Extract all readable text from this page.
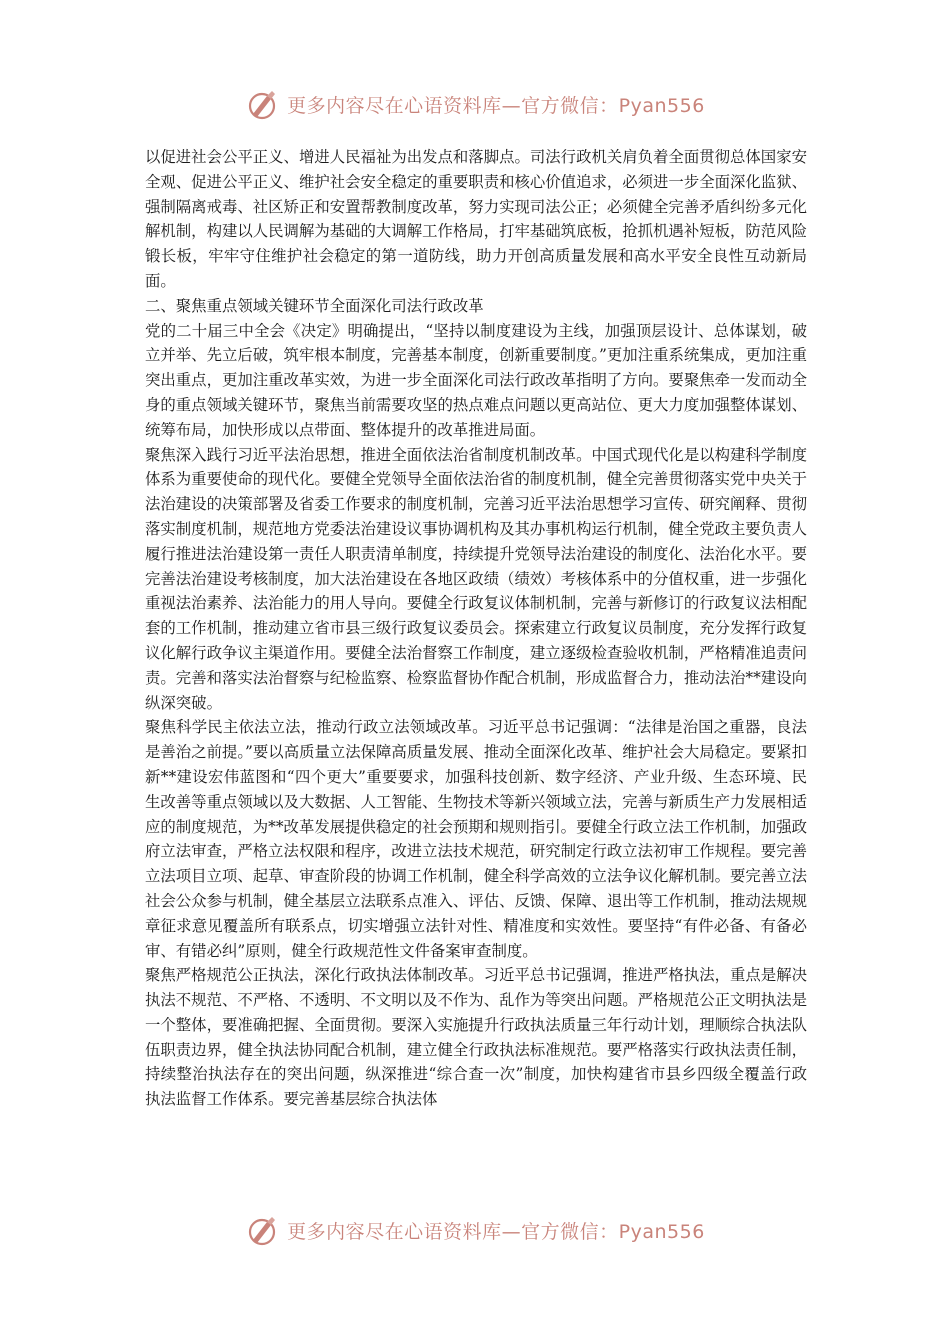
更多内容尽在心语资料库—官方微信：Pyan556

以促进社会公平正义、增进人民福祉为出发点和落脚点。司法行政机关肩负着全面贯彻总体国家安全观、促进公平正义、维护社会安全稳定的重要职责和核心价值追求，必须进一步全面深化监狱、强制隔离戒毒、社区矫正和安置帮教制度改革，努力实现司法公正；必须健全完善矛盾纠纷多元化解机制，构建以人民调解为基础的大调解工作格局，打牢基础筑底板，抢抓机遇补短板，防范风险锻长板，牢牢守住维护社会稳定的第一道防线，助力开创高质量发展和高水平安全良性互动新局面。

二、聚焦重点领域关键环节全面深化司法行政改革

党的二十届三中全会《决定》明确提出，“坚持以制度建设为主线，加强顶层设计、总体谋划，破立并举、先立后破，筑牢根本制度，完善基本制度，创新重要制度。”更加注重系统集成，更加注重突出重点，更加注重改革实效，为进一步全面深化司法行政改革指明了方向。要聚焦牵一发而动全身的重点领域关键环节，聚焦当前需要攻坚的热点难点问题以更高站位、更大力度加强整体谋划、统筹布局，加快形成以点带面、整体提升的改革推进局面。

聚焦深入践行习近平法治思想，推进全面依法治省制度机制改革。中国式现代化是以构建科学制度体系为重要使命的现代化。要健全党领导全面依法治省的制度机制，健全完善贯彻落实党中央关于法治建设的决策部署及省委工作要求的制度机制，完善习近平法治思想学习宣传、研究阐释、贯彻落实制度机制，规范地方党委法治建设议事协调机构及其办事机构运行机制，健全党政主要负责人履行推进法治建设第一责任人职责清单制度，持续提升党领导法治建设的制度化、法治化水平。要完善法治建设考核制度，加大法治建设在各地区政绩（绩效）考核体系中的分值权重，进一步强化重视法治素养、法治能力的用人导向。要健全行政复议体制机制，完善与新修订的行政复议法相配套的工作机制，推动建立省市县三级行政复议委员会。探索建立行政复议员制度，充分发挥行政复议化解行政争议主渠道作用。要健全法治督察工作制度，建立逐级检查验收机制，严格精准追责问责。完善和落实法治督察与纪检监察、检察监督协作配合机制，形成监督合力，推动法治**建设向纵深突破。

聚焦科学民主依法立法，推动行政立法领域改革。习近平总书记强调：“法律是治国之重器，良法是善治之前提。”要以高质量立法保障高质量发展、推动全面深化改革、维护社会大局稳定。要紧扣新**建设宏伟蓝图和“四个更大”重要要求，加强科技创新、数字经济、产业升级、生态环境、民生改善等重点领域以及大数据、人工智能、生物技术等新兴领域立法，完善与新质生产力发展相适应的制度规范，为**改革发展提供稳定的社会预期和规则指引。要健全行政立法工作机制，加强政府立法审查，严格立法权限和程序，改进立法技术规范，研究制定行政立法初审工作规程。要完善立法项目立项、起草、审查阶段的协调工作机制，健全科学高效的立法争议化解机制。要完善立法社会公众参与机制，健全基层立法联系点准入、评估、反馈、保障、退出等工作机制，推动法规规章征求意见覆盖所有联系点，切实增强立法针对性、精准度和实效性。要坚持“有件必备、有备必审、有错必纠”原则，健全行政规范性文件备案审查制度。

聚焦严格规范公正执法，深化行政执法体制改革。习近平总书记强调，推进严格执法，重点是解决执法不规范、不严格、不透明、不文明以及不作为、乱作为等突出问题。严格规范公正文明执法是一个整体，要准确把握、全面贯彻。要深入实施提升行政执法质量三年行动计划，理顺综合执法队伍职责边界，健全执法协同配合机制，建立健全行政执法标准规范。要严格落实行政执法责任制，持续整治执法存在的突出问题，纵深推进“综合查一次”制度，加快构建省市县乡四级全覆盖行政执法监督工作体系。要完善基层综合执法体

更多内容尽在心语资料库—官方微信：Pyan556
